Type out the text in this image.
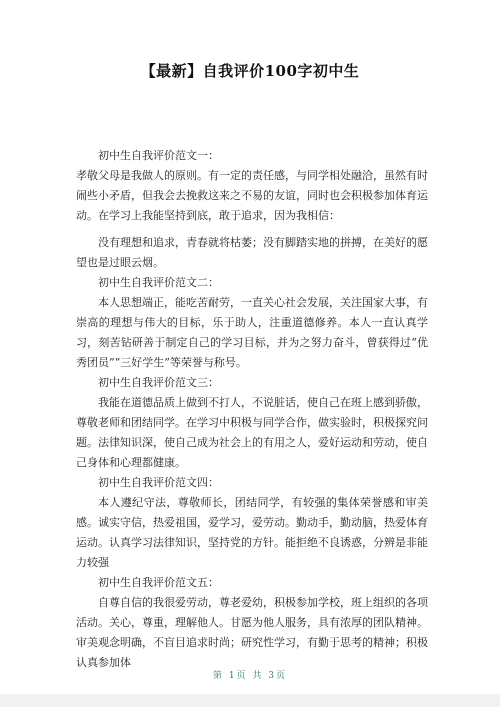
【最新】自我评价100字初中生

初中生自我评价范文一：

孝敬父母是我做人的原则。有一定的责任感，与同学相处融洽，虽然有时闹些小矛盾，但我会去挽救这来之不易的友谊，同时也会积极参加体育运动。在学习上我能坚持到底，敢于追求，因为我相信：

没有理想和追求，青春就将枯萎；没有脚踏实地的拼搏，在美好的愿望也是过眼云烟。

初中生自我评价范文二：

本人思想端正，能吃苦耐劳，一直关心社会发展，关注国家大事，有崇高的理想与伟大的目标，乐于助人，注重道德修养。本人一直认真学习，刻苦钻研善于制定自己的学习目标，并为之努力奋斗，曾获得过“优秀团员”“三好学生”等荣誉与称号。

初中生自我评价范文三：

我能在道德品质上做到不打人，不说脏话，使自己在班上感到骄傲，尊敬老师和团结同学。在学习中积极与同学合作，做实验时，积极探究问题。法律知识深，使自己成为社会上的有用之人，爱好运动和劳动，使自己身体和心理都健康。

初中生自我评价范文四：

本人遵纪守法，尊敬师长，团结同学，有较强的集体荣誉感和审美感。诚实守信，热爱祖国，爱学习，爱劳动。勤动手，勤动脑，热爱体育运动。认真学习法律知识，坚持党的方针。能拒绝不良诱惑，分辨是非能力较强

初中生自我评价范文五：

自尊自信的我很爱劳动，尊老爱幼，积极参加学校，班上组织的各项活动。关心，尊重，理解他人。甘愿为他人服务，具有浓厚的团队精神。审美观念明确，不盲目追求时尚；研究性学习，有勤于思考的精神；积极认真参加体

第 1页 共 3页
